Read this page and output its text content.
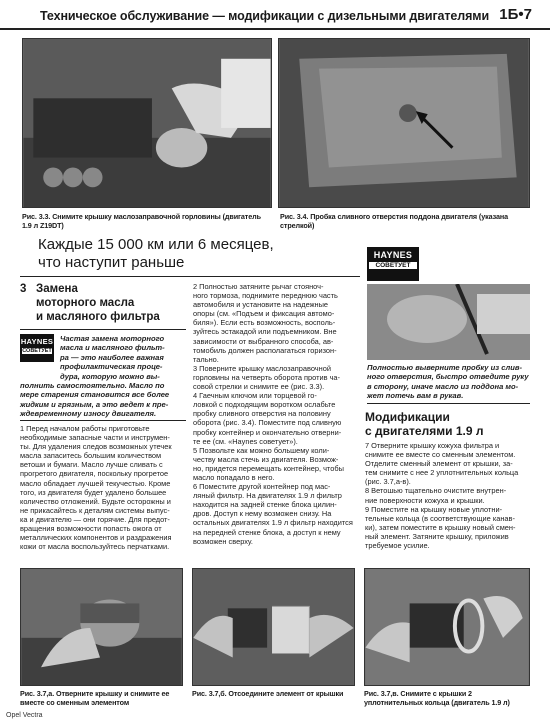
Техническое обслуживание — модификации с дизельными двигателями 1Б•7
Рис. 3.3. Снимите крышку маслозаправочной горловины (двигатель 1.9 л Z19DT)
Рис. 3.4. Пробка сливного отверстия поддона двигателя (указана стрелкой)
Каждые 15 000 км или 6 месяцев,
что наступит раньше
3 Замена
моторного масла
и масляного фильтра
HAYNES
СОВЕТУЕТ
Частая замена моторного
масла и масляного фильт-
ра — это наиболее важная
профилактическая проце-
дура, которую можно вы-
полнить самостоятельно. Масло по
мере старения становится все более
жидким и грязным, а это ведет к пре-
ждевременному износу двигателя.

1 Перед началом работы приготовьте

необходимые запасные части и инструмен-

ты. Для удаления следов возможных утечек

масла запаситесь большим количеством

ветоши и бумаги. Масло лучше сливать с

прогретого двигателя, поскольку прогретое

масло обладает лучшей текучестью. Кроме

того, из двигателя будет удалено большее

количество отложений. Будьте осторожны и

не прикасайтесь к деталям системы выпус-

ка и двигателю — они горячие. Для предот-

вращения возможности попасть ожога от

металлических компонентов и раздражения

кожи от масла воспользуйтесь перчатками.

2 Полностью затяните рычаг стояноч-

ного тормоза, поднимите переднюю часть

автомобиля и установите на надежные

опоры (см. «Подъем и фиксация автомо-

биля»). Если есть возможность, восполь-

зуйтесь эстакадой или подъемником. Вне

зависимости от выбранного способа, ав-

томобиль должен располагаться горизон-

тально.

3 Поверните крышку маслозаправочной

горловины на четверть оборота против ча-

совой стрелки и снимите ее (рис. 3.3).

4 Гаечным ключом или торцевой го-

ловкой с подходящим воротком ослабьте

пробку сливного отверстия на половину

оборота (рис. 3.4). Поместите под сливную

пробку контейнер и окончательно отверни-

те ее (см. «Haynes советует»).

5 Позвольте как можно большему коли-

честву масла стечь из двигателя. Возмож-

но, придется перемещать контейнер, чтобы

масло попадало в него.

6 Поместите другой контейнер под мас-

ляный фильтр. На двигателях 1.9 л фильтр

находится на задней стенке блока цилин-

дров. Доступ к нему возможен снизу. На

остальных двигателях 1.9 л фильтр находится

на передней стенке блока, а доступ к нему

возможен сверху.

HAYNES
СОВЕТУЕТ
Полностью выверните пробку из слив-
ного отверстия, быстро отведите руку
в сторону, иначе масло из поддона мо-
жет потечь вам в рукав.
Модификации
с двигателями 1.9 л

7 Отверните крышку кожуха фильтра и

снимите ее вместе со сменным элементом.

Отделите сменный элемент от крышки, за-

тем снимите с нее 2 уплотнительных кольца

(рис. 3.7,а-в).

8 Ветошью тщательно очистите внутрен-

ние поверхности кожуха и крышки.

9 Поместите на крышку новые уплотни-

тельные кольца (в соответствующие канав-

ки), затем поместите в крышку новый смен-

ный элемент. Затяните крышку, приложив

требуемое усилие.

Рис. 3.7,а. Отверните крышку и снимите ее вместе со сменным элементом
Рис. 3.7,б. Отсоедините элемент от крышки	Рис. 3.7,в. Снимите с крышки 2 уплотнительных кольца (двигатель 1.9 л)
Opel Vectra
